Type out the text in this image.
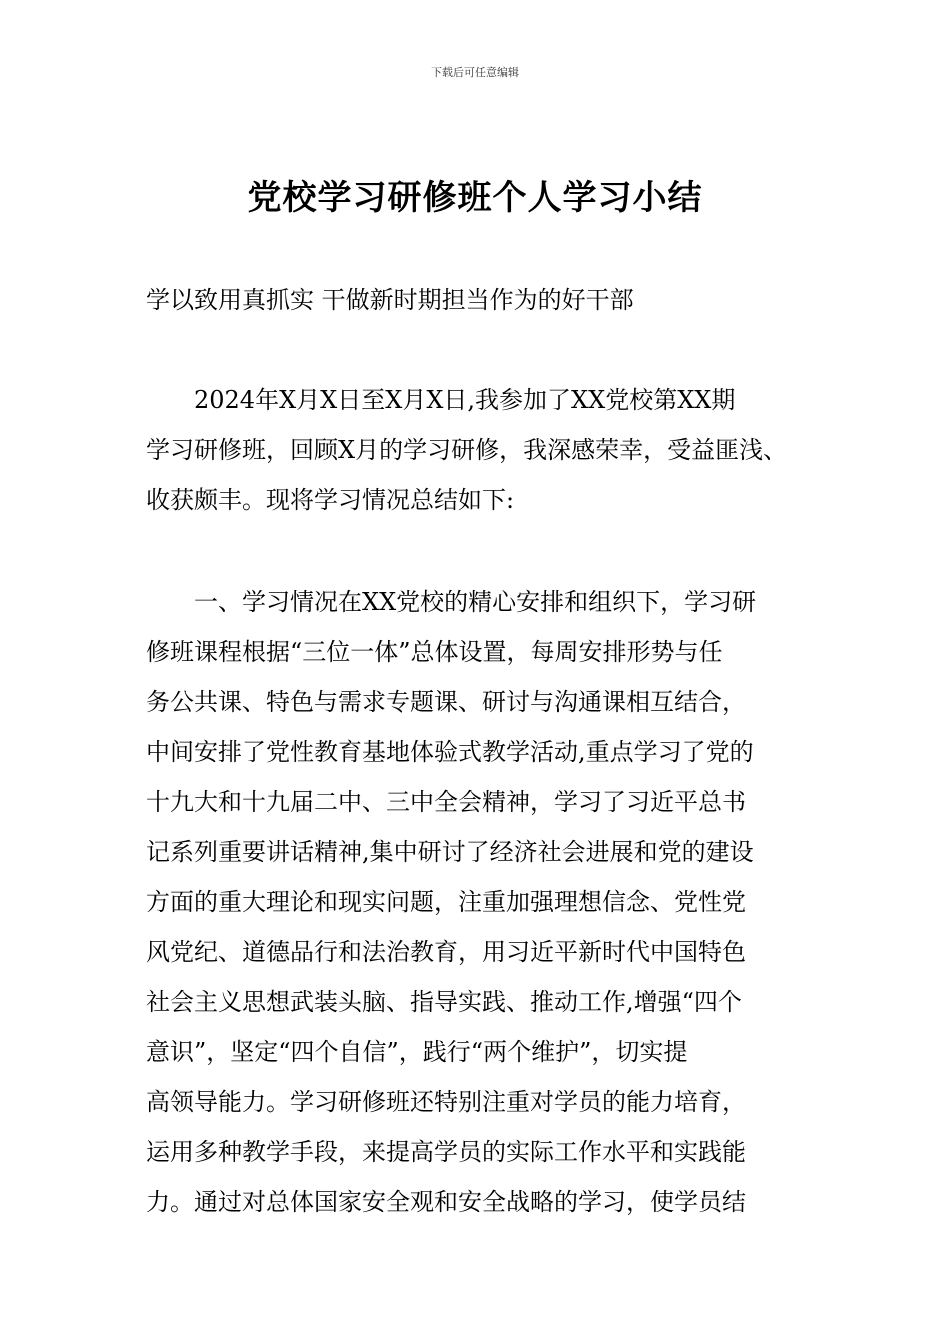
下载后可任意编辑
党校学习研修班个人学习小结
学以致用真抓实 干做新时期担当作为的好干部
2024年X月X日至X月X日,我参加了XX党校第XX期
学习研修班，回顾X月的学习研修，我深感荣幸，受益匪浅、
收获颇丰。现将学习情况总结如下:
一、学习情况在XX党校的精心安排和组织下，学习研
修班课程根据“三位一体”总体设置，每周安排形势与任
务公共课、特色与需求专题课、研讨与沟通课相互结合，
中间安排了党性教育基地体验式教学活动,重点学习了党的
十九大和十九届二中、三中全会精神，学习了习近平总书
记系列重要讲话精神,集中研讨了经济社会进展和党的建设
方面的重大理论和现实问题，注重加强理想信念、党性党
风党纪、道德品行和法治教育，用习近平新时代中国特色
社会主义思想武装头脑、指导实践、推动工作,增强“四个
意识”，坚定“四个自信”，践行“两个维护”，切实提
高领导能力。学习研修班还特别注重对学员的能力培育，
运用多种教学手段，来提高学员的实际工作水平和实践能
力。通过对总体国家安全观和安全战略的学习，使学员结
